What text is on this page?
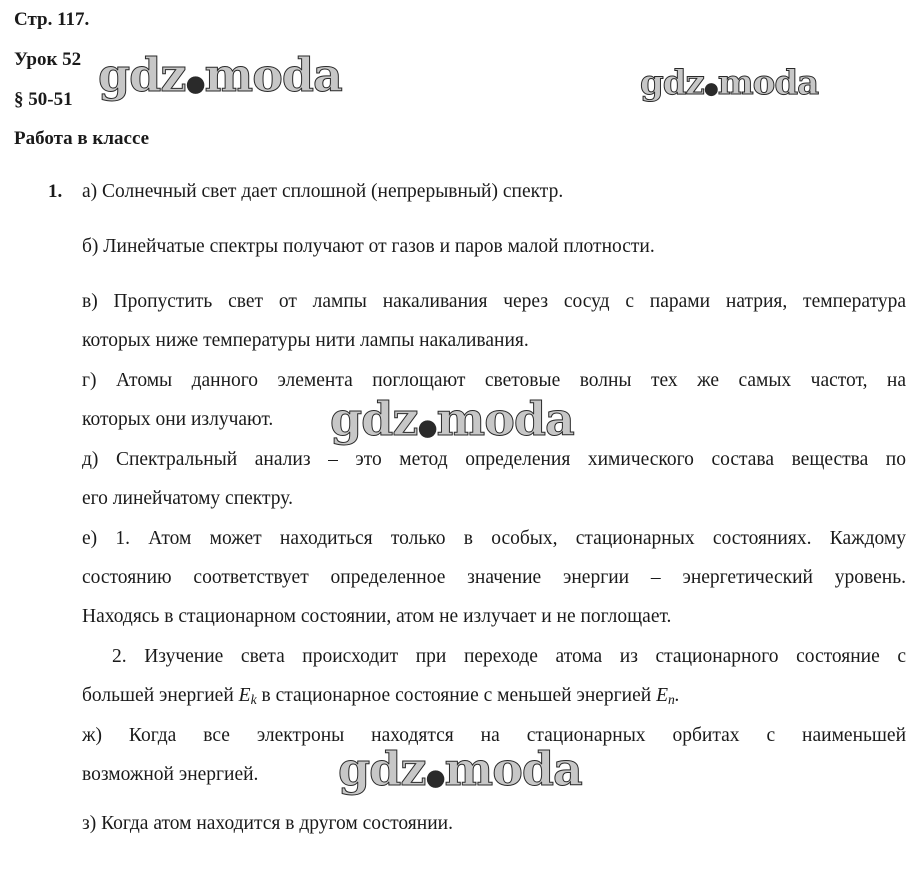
Стр. 117.
Урок 52
§ 50-51
Работа в классе
1. а) Солнечный свет дает сплошной (непрерывный) спектр.
б) Линейчатые спектры получают от газов и паров малой плотности.
в) Пропустить свет от лампы накаливания через сосуд с парами натрия, температура
которых ниже температуры нити лампы накаливания.
г) Атомы данного элемента поглощают световые волны тех же самых частот, на
которых они излучают.
д) Спектральный анализ – это метод определения химического состава вещества по
его линейчатому спектру.
е) 1. Атом может находиться только в особых, стационарных состояниях. Каждому
состоянию соответствует определенное значение энергии – энергетический уровень.
Находясь в стационарном состоянии, атом не излучает и не поглощает.
2. Изучение света происходит при переходе атома из стационарного состояние с
большей энергией $E_k$ в стационарное состояние с меньшей энергией $E_n$.
ж) Когда все электроны находятся на стационарных орбитах с наименьшей
возможной энергией.
з) Когда атом находится в другом состоянии.
gdz●moda	gdz●moda
gdz●moda
gdz●moda
